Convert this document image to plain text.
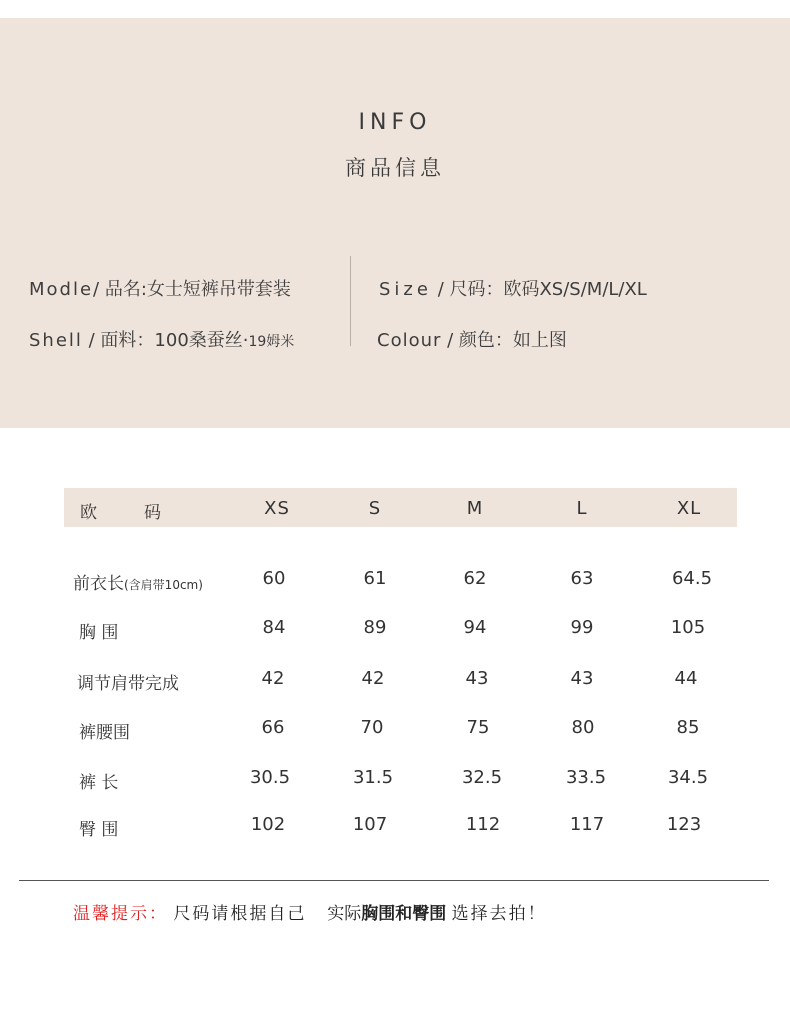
INFO
商品信息
Modle/ 品名:女士短裤吊带套装
Shell / 面料：100桑蚕丝·19姆米
Size / 尺码：欧码XS/S/M/L/XL
Colour / 颜色：如上图
欧	码	XS	S	M	L	XL
前衣长(含肩带10cm)	60	61	62	63	64.5
胸 围	84	89	94	99	105
调节肩带完成	42	42	43	43	44
裤腰围	66	70	75	80	85
裤 长	30.5	31.5	32.5	33.5	34.5
臀 围	102	107	112	117	123
温馨提示： 尺码请根据自己 实际胸围和臀围 选择去拍！
